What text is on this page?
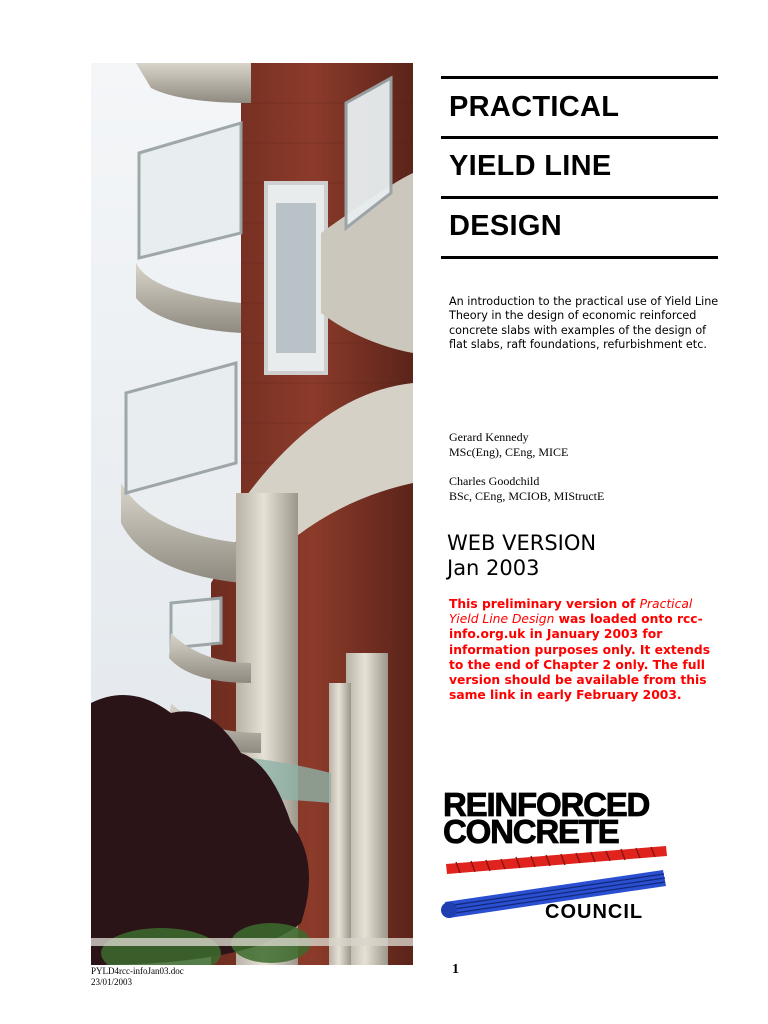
PRACTICAL
YIELD LINE
DESIGN
An introduction to the practical use of Yield Line Theory in the design of economic reinforced concrete slabs with examples of the design of flat slabs, raft foundations, refurbishment etc.
Gerard Kennedy
MSc(Eng), CEng, MICE
Charles Goodchild
BSc, CEng, MCIOB, MIStructE
WEB VERSION
Jan 2003
This preliminary version of Practical Yield Line Design was loaded onto rcc-info.org.uk in January 2003 for information purposes only. It extends to the end of Chapter 2 only. The full version should be available from this same link in early February 2003.
REINFORCED
CONCRETE
COUNCIL
PYLD4rcc-infoJan03.doc
23/01/2003
1
